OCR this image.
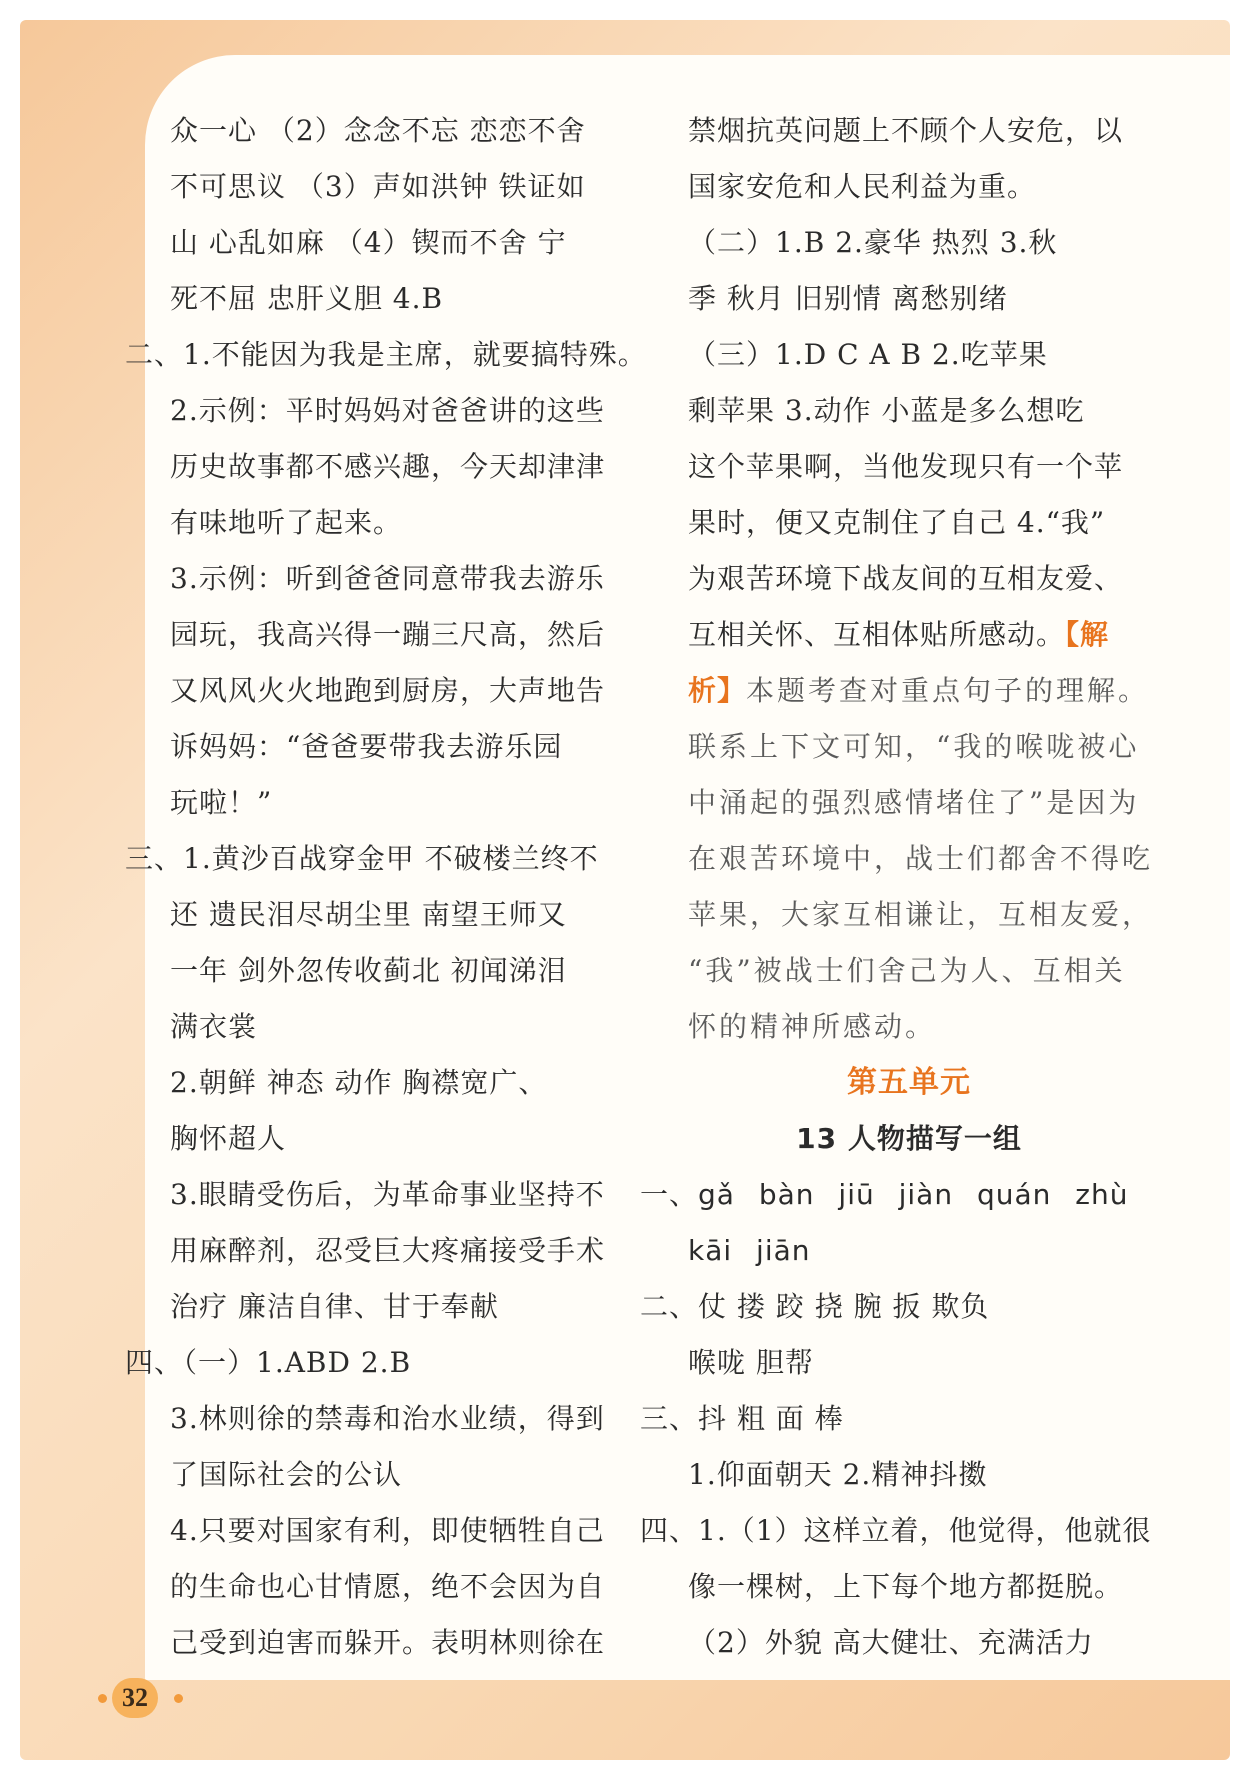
众一心 （2）念念不忘 恋恋不舍
不可思议 （3）声如洪钟 铁证如
山 心乱如麻 （4）锲而不舍 宁
死不屈 忠肝义胆 4.B
二、1.不能因为我是主席，就要搞特殊。
2.示例：平时妈妈对爸爸讲的这些
历史故事都不感兴趣，今天却津津
有味地听了起来。
3.示例：听到爸爸同意带我去游乐
园玩，我高兴得一蹦三尺高，然后
又风风火火地跑到厨房，大声地告
诉妈妈：“爸爸要带我去游乐园
玩啦！”
三、1.黄沙百战穿金甲 不破楼兰终不
还 遗民泪尽胡尘里 南望王师又
一年 剑外忽传收蓟北 初闻涕泪
满衣裳
2.朝鲜 神态 动作 胸襟宽广、
胸怀超人
3.眼睛受伤后，为革命事业坚持不
用麻醉剂，忍受巨大疼痛接受手术
治疗 廉洁自律、甘于奉献
四、（一）1.ABD 2.B
3.林则徐的禁毒和治水业绩，得到
了国际社会的公认
4.只要对国家有利，即使牺牲自己
的生命也心甘情愿，绝不会因为自
己受到迫害而躲开。表明林则徐在
禁烟抗英问题上不顾个人安危，以
国家安危和人民利益为重。
（二）1.B 2.豪华 热烈 3.秋
季 秋月 旧别情 离愁别绪
（三）1.D C A B 2.吃苹果
剩苹果 3.动作 小蓝是多么想吃
这个苹果啊，当他发现只有一个苹
果时，便又克制住了自己 4.“我”
为艰苦环境下战友间的互相友爱、
互相关怀、互相体贴所感动。【解
析】本题考查对重点句子的理解。
联系上下文可知，“我的喉咙被心
中涌起的强烈感情堵住了”是因为
在艰苦环境中，战士们都舍不得吃
苹果，大家互相谦让，互相友爱，
“我”被战士们舍己为人、互相关
怀的精神所感动。
第五单元
13 人物描写一组
一、gǎ bàn jiū jiàn quán zhù
kāi jiān
二、仗 搂 跤 挠 腕 扳 欺负
喉咙 胆帮
三、抖 粗 面 棒
1.仰面朝天 2.精神抖擞
四、1.（1）这样立着，他觉得，他就很
像一棵树，上下每个地方都挺脱。
（2）外貌 高大健壮、充满活力
32
